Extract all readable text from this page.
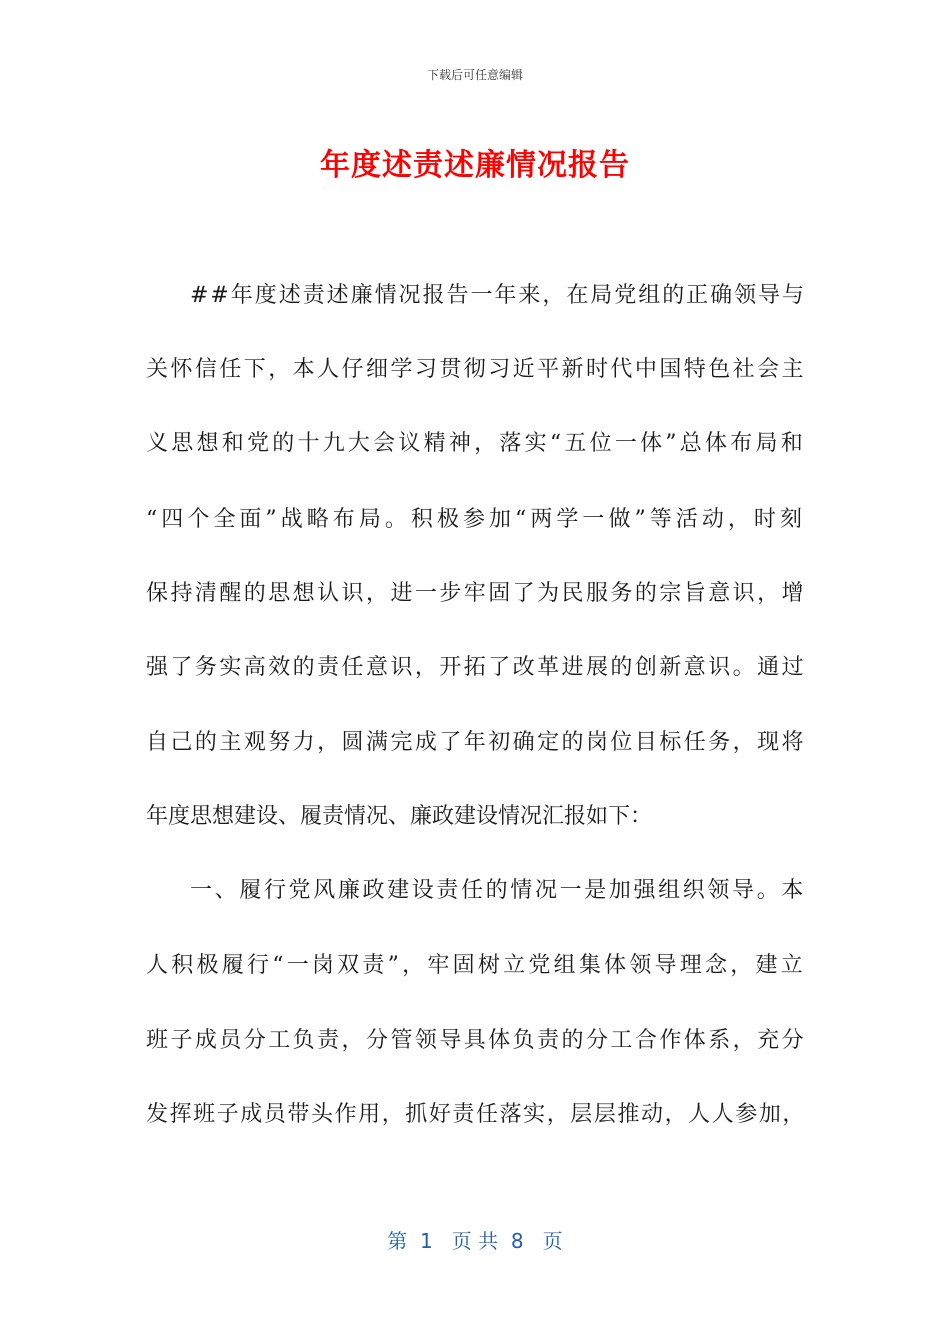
下载后可任意编辑
年度述责述廉情况报告
##年度述责述廉情况报告一年来，在局党组的正确领导与
关怀信任下，本人仔细学习贯彻习近平新时代中国特色社会主
义思想和党的十九大会议精神，落实“五位一体”总体布局和
“四个全面”战略布局。积极参加“两学一做”等活动，时刻
保持清醒的思想认识，进一步牢固了为民服务的宗旨意识，增
强了务实高效的责任意识，开拓了改革进展的创新意识。通过
自己的主观努力，圆满完成了年初确定的岗位目标任务，现将
年度思想建设、履责情况、廉政建设情况汇报如下：
一、履行党风廉政建设责任的情况一是加强组织领导。本
人积极履行“一岗双责”，牢固树立党组集体领导理念，建立
班子成员分工负责，分管领导具体负责的分工合作体系，充分
发挥班子成员带头作用，抓好责任落实，层层推动，人人参加，
第  1   页 共  8   页
